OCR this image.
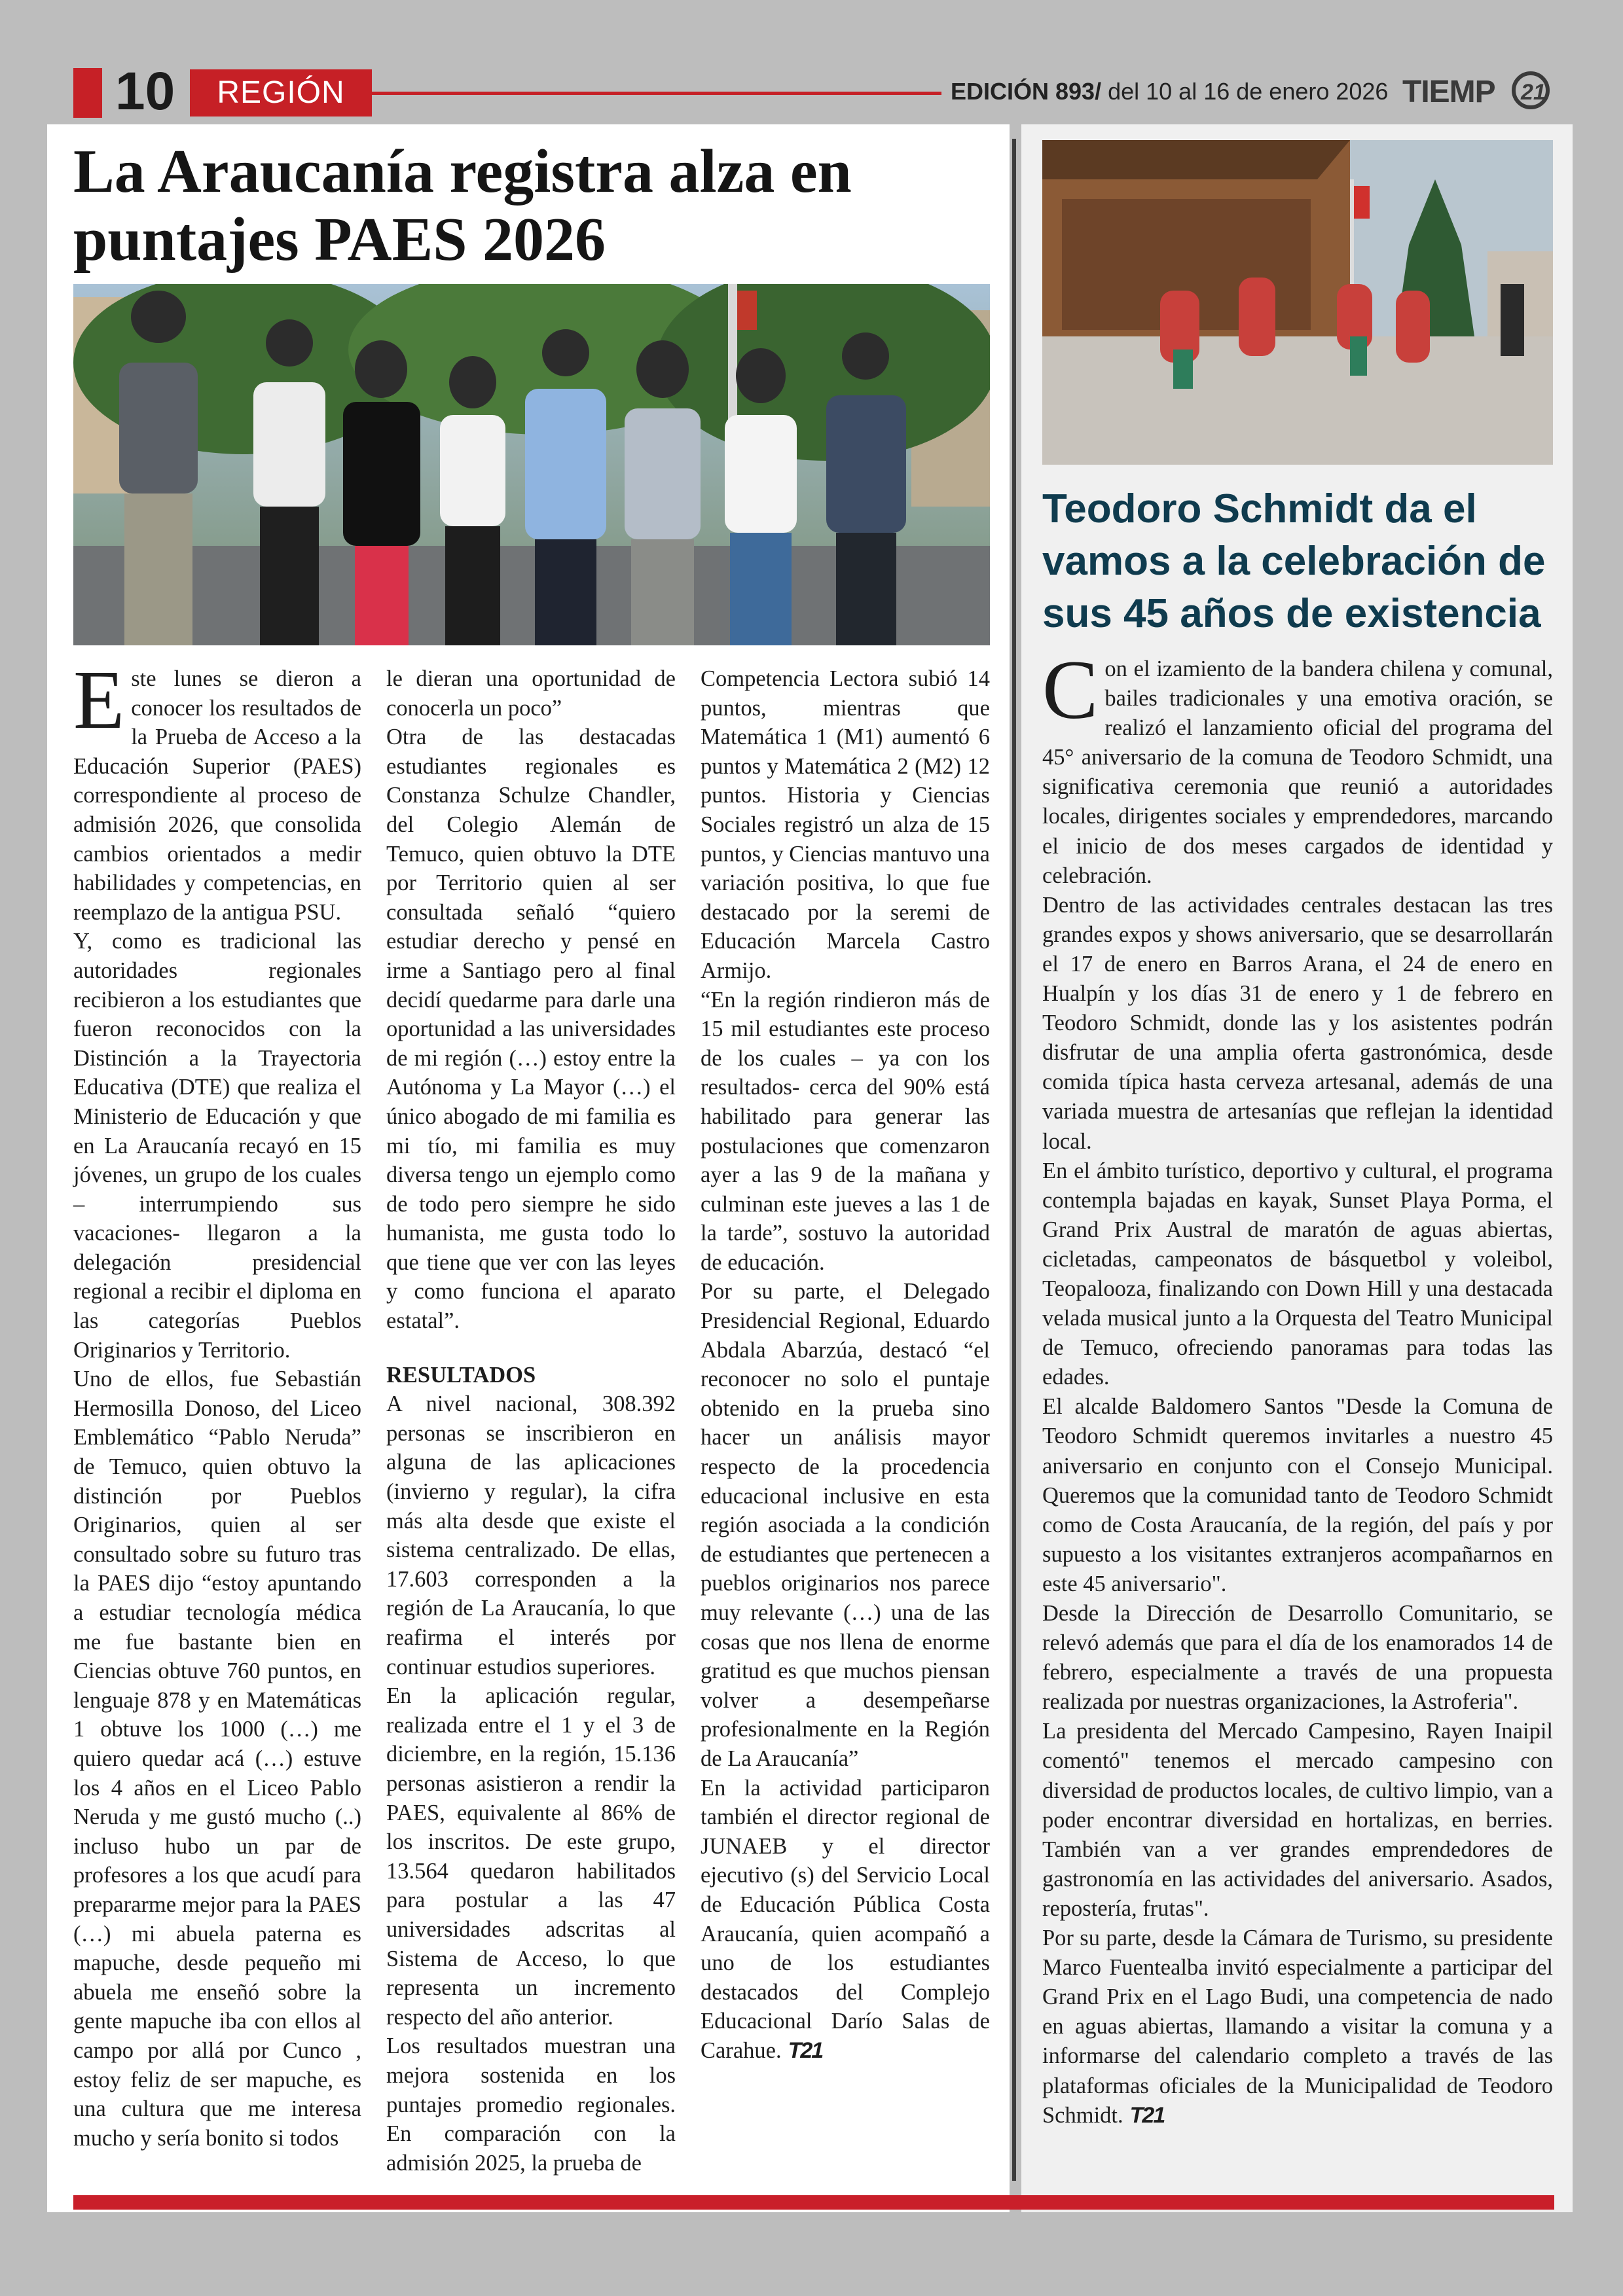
10	REGIÓN	EDICIÓN 893/ del 10 al 16 de enero 2026 TIEMP 21
La Araucanía registra alza en puntajes PAES 2026

Este lunes se dieron a conocer los resultados de la Prueba de Acceso a la Educación Superior (PAES) correspondiente al proceso de admisión 2026, que consolida cambios orientados a medir habilidades y competencias, en reemplazo de la antigua PSU.

Y, como es tradicional las autoridades regionales recibieron a los estudiantes que fueron reconocidos con la Distinción a la Trayectoria Educativa (DTE) que realiza el Ministerio de Educación y que en La Araucanía recayó en 15 jóvenes, un grupo de los cuales – interrumpiendo sus vacaciones- llegaron a la delegación presidencial regional a recibir el diploma en las categorías Pueblos Originarios y Territorio.

Uno de ellos, fue Sebastián Hermosilla Donoso, del Liceo Emblemático “Pablo Neruda” de Temuco, quien obtuvo la distinción por Pueblos Originarios, quien al ser consultado sobre su futuro tras la PAES dijo “estoy apuntando a estudiar tecnología médica me fue bastante bien en Ciencias obtuve 760 puntos, en lenguaje 878 y en Matemáticas 1 obtuve los 1000 (…) me quiero quedar acá (…) estuve los 4 años en el Liceo Pablo Neruda y me gustó mucho (..) incluso hubo un par de profesores a los que acudí para prepararme mejor para la PAES (…) mi abuela paterna es mapuche, desde pequeño mi abuela me enseñó sobre la gente mapuche iba con ellos al campo por allá por Cunco , estoy feliz de ser mapuche, es una cultura que me interesa mucho y sería bonito si todos

le dieran una oportunidad de conocerla un poco”

Otra de las destacadas estudiantes regionales es Constanza Schulze Chandler, del Colegio Alemán de Temuco, quien obtuvo la DTE por Territorio quien al ser consultada señaló “quiero estudiar derecho y pensé en irme a Santiago pero al final decidí quedarme para darle una oportunidad a las universidades de mi región (…) estoy entre la Autónoma y La Mayor (…) el único abogado de mi familia es mi tío, mi familia es muy diversa tengo un ejemplo como de todo pero siempre he sido humanista, me gusta todo lo que tiene que ver con las leyes y como funciona el aparato estatal”.

RESULTADOS

A nivel nacional, 308.392 personas se inscribieron en alguna de las aplicaciones (invierno y regular), la cifra más alta desde que existe el sistema centralizado. De ellas, 17.603 corresponden a la región de La Araucanía, lo que reafirma el interés por continuar estudios superiores.

En la aplicación regular, realizada entre el 1 y el 3 de diciembre, en la región, 15.136 personas asistieron a rendir la PAES, equivalente al 86% de los inscritos. De este grupo, 13.564 quedaron habilitados para postular a las 47 universidades adscritas al Sistema de Acceso, lo que representa un incremento respecto del año anterior.

Los resultados muestran una mejora sostenida en los puntajes promedio regionales. En comparación con la admisión 2025, la prueba de

Competencia Lectora subió 14 puntos, mientras que Matemática 1 (M1) aumentó 6 puntos y Matemática 2 (M2) 12 puntos. Historia y Ciencias Sociales registró un alza de 15 puntos, y Ciencias mantuvo una variación positiva, lo que fue destacado por la seremi de Educación Marcela Castro Armijo.

“En la región rindieron más de 15 mil estudiantes este proceso de los cuales – ya con los resultados- cerca del 90% está habilitado para generar las postulaciones que comenzaron ayer a las 9 de la mañana y culminan este jueves a las 1 de la tarde”, sostuvo la autoridad de educación.

Por su parte, el Delegado Presidencial Regional, Eduardo Abdala Abarzúa, destacó “el reconocer no solo el puntaje obtenido en la prueba sino hacer un análisis mayor respecto de la procedencia educacional inclusive en esta región asociada a la condición de estudiantes que pertenecen a pueblos originarios nos parece muy relevante (…) una de las cosas que nos llena de enorme gratitud es que muchos piensan volver a desempeñarse profesionalmente en la Región de La Araucanía”

En la actividad participaron también el director regional de JUNAEB y el director ejecutivo (s) del Servicio Local de Educación Pública Costa Araucanía, quien acompañó a uno de los estudiantes destacados del Complejo Educacional Darío Salas de Carahue. T21

Teodoro Schmidt da el vamos a la celebración de sus 45 años de existencia

Con el izamiento de la bandera chilena y comunal, bailes tradicionales y una emotiva oración, se realizó el lanzamiento oficial del programa del 45° aniversario de la comuna de Teodoro Schmidt, una significativa ceremonia que reunió a autoridades locales, dirigentes sociales y emprendedores, marcando el inicio de dos meses cargados de identidad y celebración.

Dentro de las actividades centrales destacan las tres grandes expos y shows aniversario, que se desarrollarán el 17 de enero en Barros Arana, el 24 de enero en Hualpín y los días 31 de enero y 1 de febrero en Teodoro Schmidt, donde las y los asistentes podrán disfrutar de una amplia oferta gastronómica, desde comida típica hasta cerveza artesanal, además de una variada muestra de artesanías que reflejan la identidad local.

En el ámbito turístico, deportivo y cultural, el programa contempla bajadas en kayak, Sunset Playa Porma, el Grand Prix Austral de maratón de aguas abiertas, cicletadas, campeonatos de básquetbol y voleibol, Teopalooza, finalizando con Down Hill y una destacada velada musical junto a la Orquesta del Teatro Municipal de Temuco, ofreciendo panoramas para todas las edades.

El alcalde Baldomero Santos "Desde la Comuna de Teodoro Schmidt queremos invitarles a nuestro 45 aniversario en conjunto con el Consejo Municipal. Queremos que la comunidad tanto de Teodoro Schmidt como de Costa Araucanía, de la región, del país y por supuesto a los visitantes extranjeros acompañarnos en este 45 aniversario".

Desde la Dirección de Desarrollo Comunitario, se relevó además que para el día de los enamorados 14 de febrero, especialmente a través de una propuesta realizada por nuestras organizaciones, la Astroferia".

La presidenta del Mercado Campesino, Rayen Inaipil comentó" tenemos el mercado campesino con diversidad de productos locales, de cultivo limpio, van a poder encontrar diversidad en hortalizas, en berries. También van a ver grandes emprendedores de gastronomía en las actividades del aniversario. Asados, repostería, frutas".

Por su parte, desde la Cámara de Turismo, su presidente Marco Fuentealba invitó especialmente a participar del Grand Prix en el Lago Budi, una competencia de nado en aguas abiertas, llamando a visitar la comuna y a informarse del calendario completo a través de las plataformas oficiales de la Municipalidad de Teodoro Schmidt. T21
